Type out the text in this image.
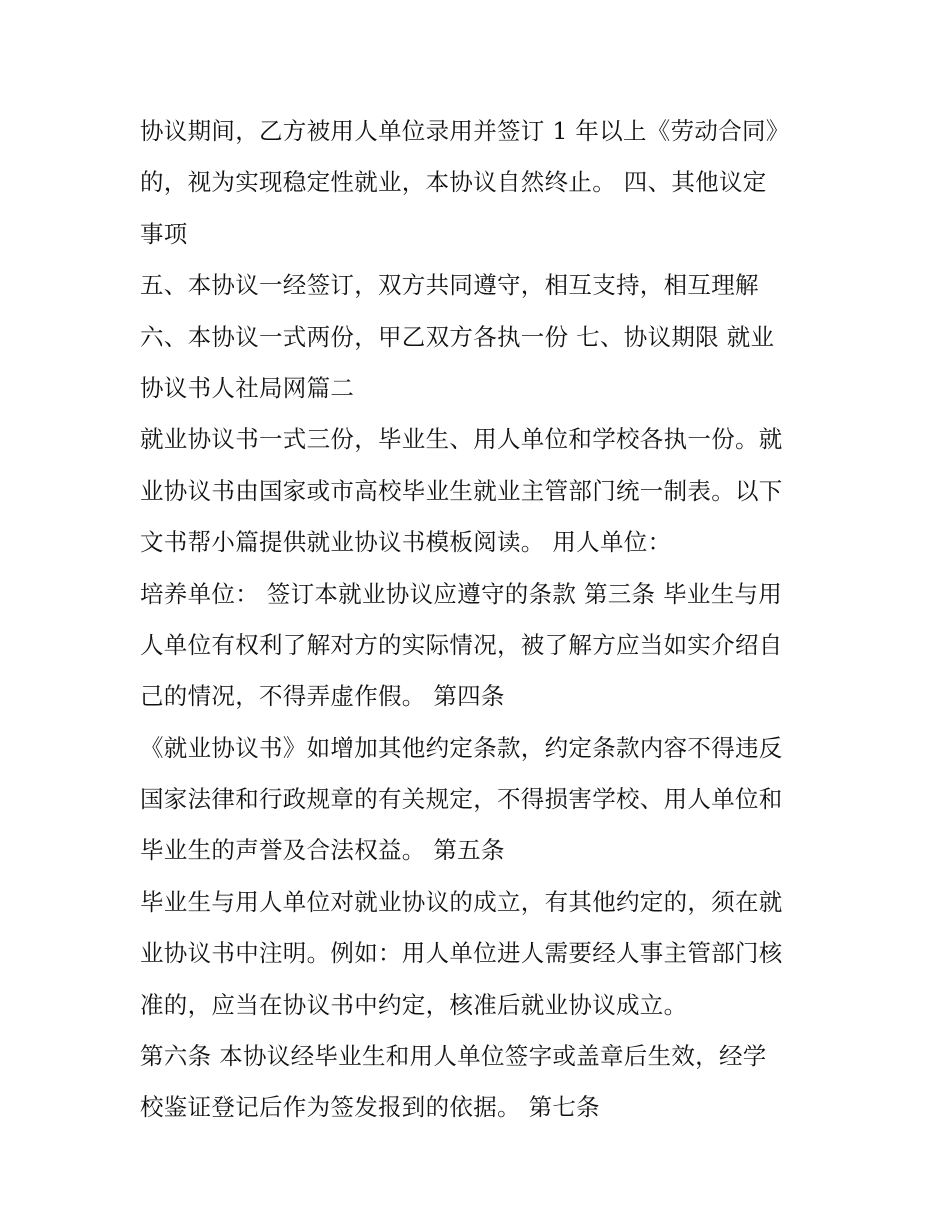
协议期间，乙方被用人单位录用并签订 1 年以上《劳动合同》
的，视为实现稳定性就业，本协议自然终止。 四、其他议定
事项
五、本协议一经签订，双方共同遵守，相互支持，相互理解
六、本协议一式两份，甲乙双方各执一份 七、协议期限 就业
协议书人社局网篇二
就业协议书一式三份，毕业生、用人单位和学校各执一份。就
业协议书由国家或市高校毕业生就业主管部门统一制表。以下
文书帮小篇提供就业协议书模板阅读。 用人单位：
培养单位： 签订本就业协议应遵守的条款 第三条 毕业生与用
人单位有权利了解对方的实际情况，被了解方应当如实介绍自
己的情况，不得弄虚作假。 第四条
《就业协议书》如增加其他约定条款，约定条款内容不得违反
国家法律和行政规章的有关规定，不得损害学校、用人单位和
毕业生的声誉及合法权益。 第五条
毕业生与用人单位对就业协议的成立，有其他约定的，须在就
业协议书中注明。例如：用人单位进人需要经人事主管部门核
准的，应当在协议书中约定，核准后就业协议成立。
第六条 本协议经毕业生和用人单位签字或盖章后生效，经学
校鉴证登记后作为签发报到的依据。 第七条
